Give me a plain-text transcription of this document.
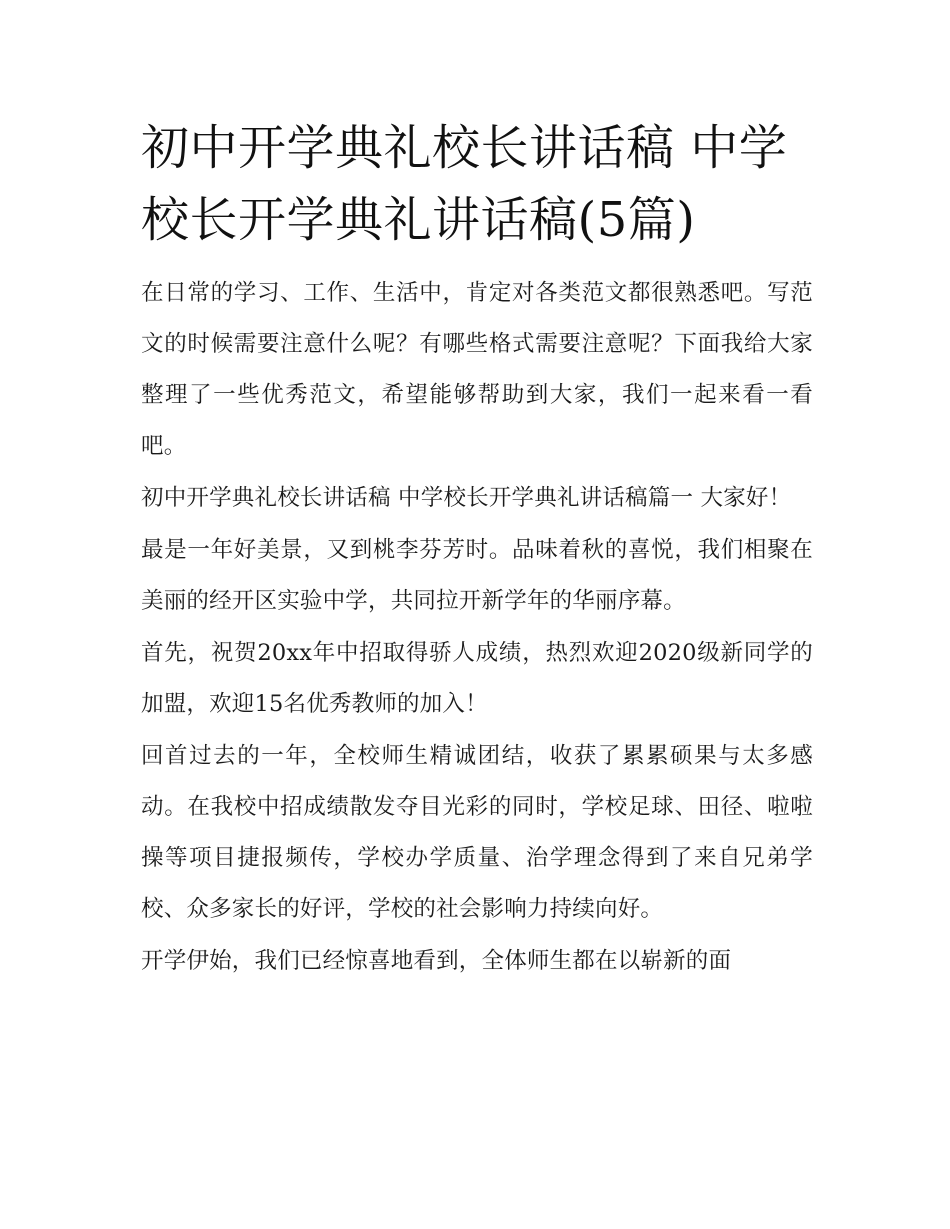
初中开学典礼校长讲话稿 中学校长开学典礼讲话稿(5篇)

在日常的学习、工作、生活中，肯定对各类范文都很熟悉吧。写范文的时候需要注意什么呢？有哪些格式需要注意呢？下面我给大家整理了一些优秀范文，希望能够帮助到大家，我们一起来看一看吧。

初中开学典礼校长讲话稿 中学校长开学典礼讲话稿篇一 大家好！

最是一年好美景，又到桃李芬芳时。品味着秋的喜悦，我们相聚在美丽的经开区实验中学，共同拉开新学年的华丽序幕。

首先，祝贺20xx年中招取得骄人成绩，热烈欢迎2020级新同学的加盟，欢迎15名优秀教师的加入！

回首过去的一年，全校师生精诚团结，收获了累累硕果与太多感动。在我校中招成绩散发夺目光彩的同时，学校足球、田径、啦啦操等项目捷报频传，学校办学质量、治学理念得到了来自兄弟学校、众多家长的好评，学校的社会影响力持续向好。

开学伊始，我们已经惊喜地看到，全体师生都在以崭新的面
